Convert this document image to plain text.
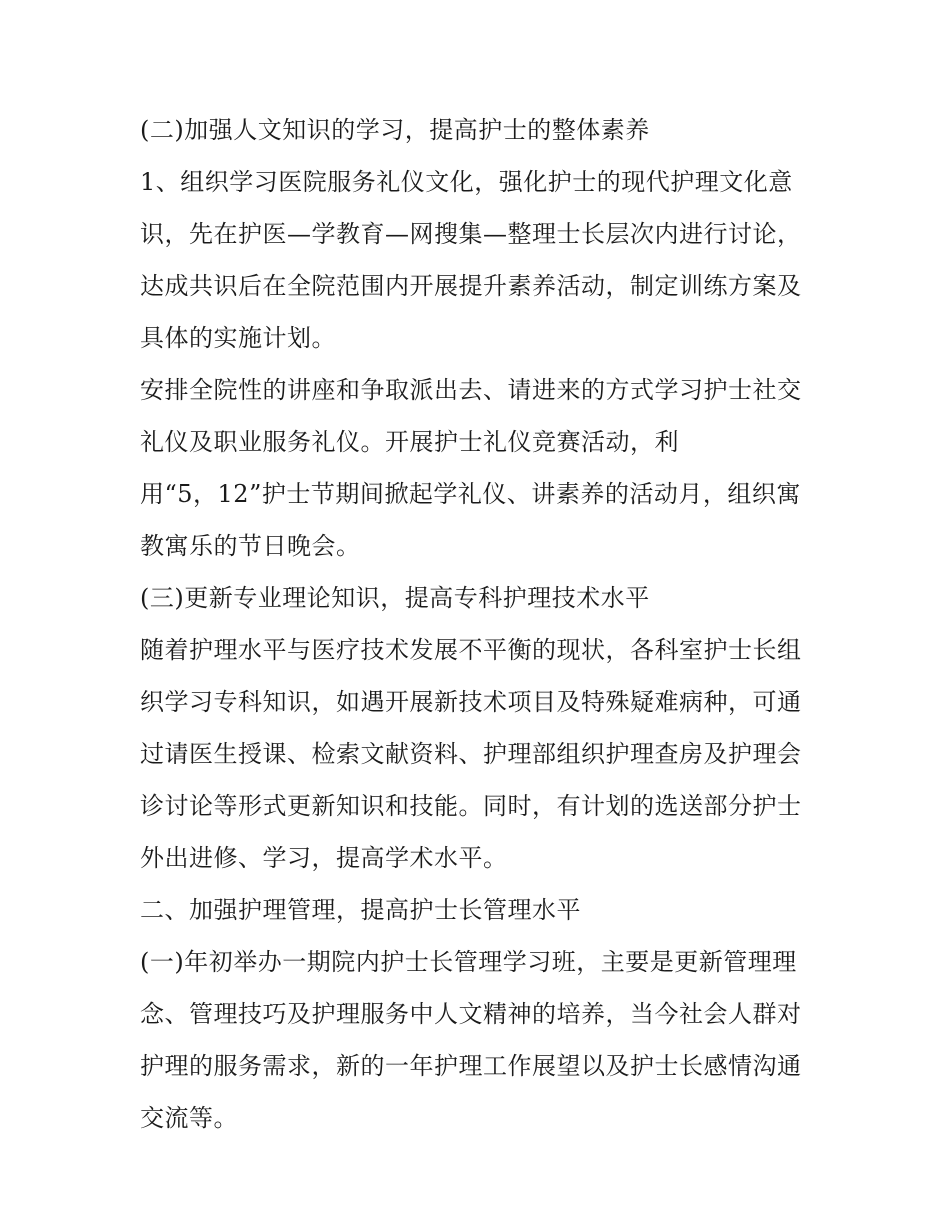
(二)加强人文知识的学习，提高护士的整体素养
1、组织学习医院服务礼仪文化，强化护士的现代护理文化意
识，先在护医—学教育—网搜集—整理士长层次内进行讨论，
达成共识后在全院范围内开展提升素养活动，制定训练方案及
具体的实施计划。
安排全院性的讲座和争取派出去、请进来的方式学习护士社交
礼仪及职业服务礼仪。开展护士礼仪竞赛活动，利
用“5，12”护士节期间掀起学礼仪、讲素养的活动月，组织寓
教寓乐的节日晚会。
(三)更新专业理论知识，提高专科护理技术水平
随着护理水平与医疗技术发展不平衡的现状，各科室护士长组
织学习专科知识，如遇开展新技术项目及特殊疑难病种，可通
过请医生授课、检索文献资料、护理部组织护理查房及护理会
诊讨论等形式更新知识和技能。同时，有计划的选送部分护士
外出进修、学习，提高学术水平。
二、加强护理管理，提高护士长管理水平
(一)年初举办一期院内护士长管理学习班，主要是更新管理理
念、管理技巧及护理服务中人文精神的培养，当今社会人群对
护理的服务需求，新的一年护理工作展望以及护士长感情沟通
交流等。
